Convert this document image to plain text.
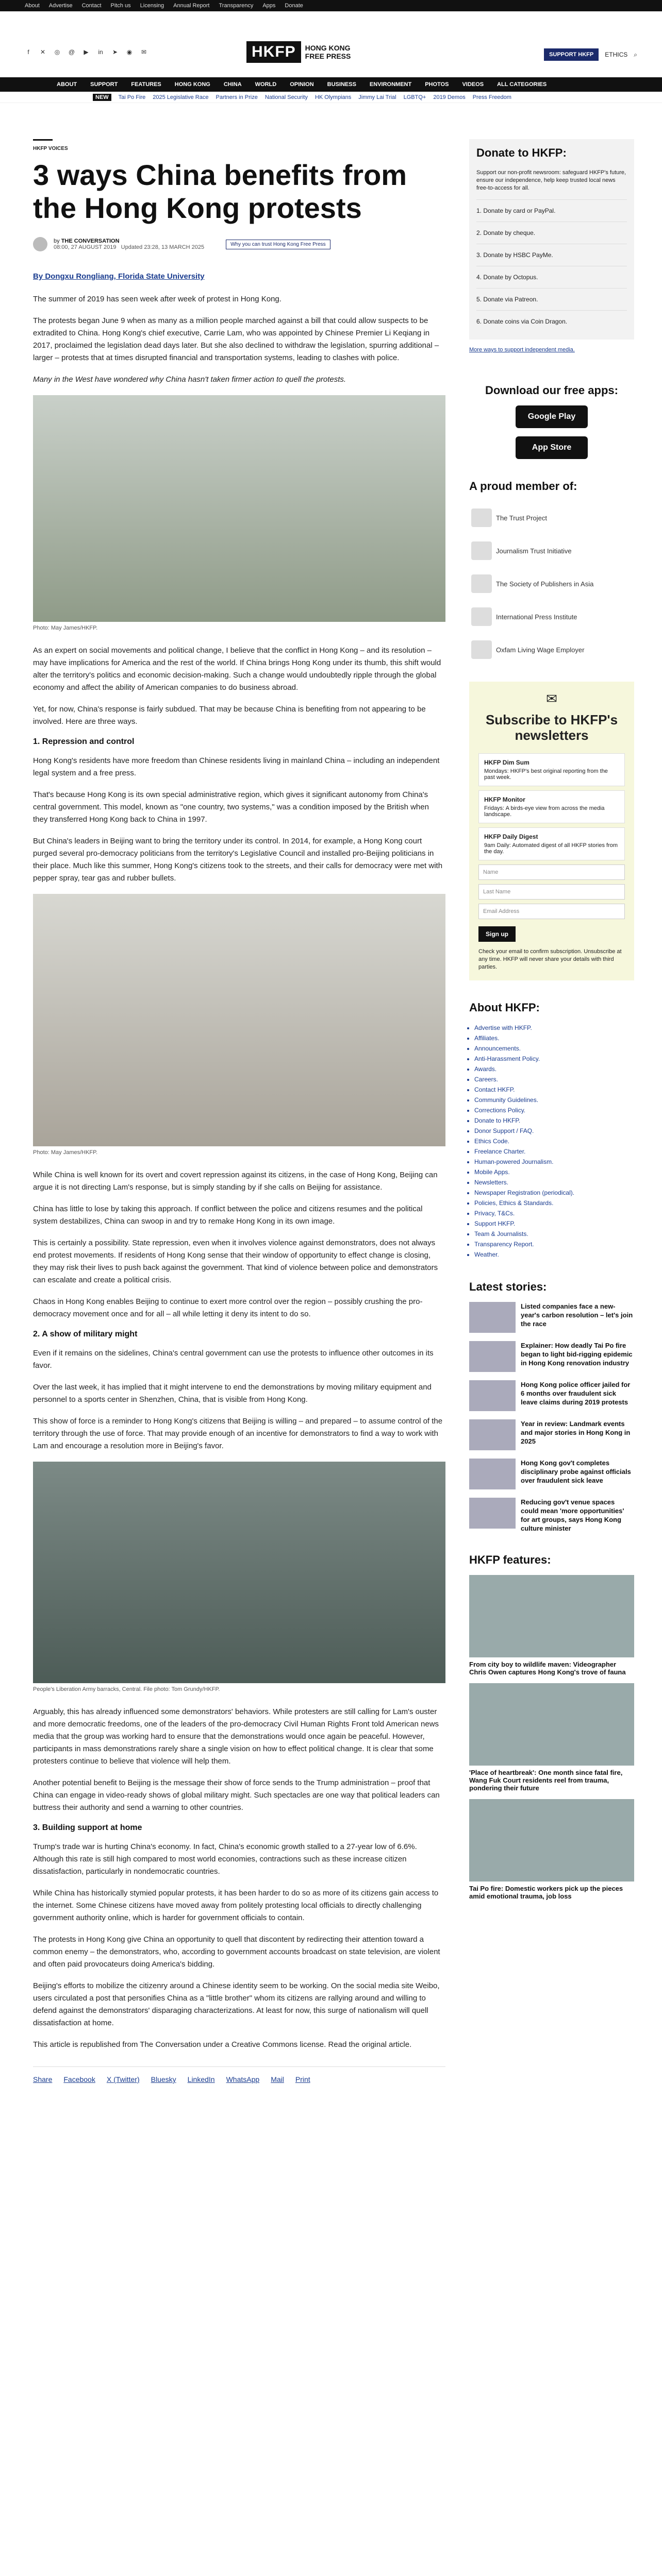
About Advertise Contact Pitch us Licensing Annual Report Transparency Apps Donate
f	✕ ◎ @ ▶ in ➤ ◉ ✉	HKFP	HONG KONG
FREE PRESS	SUPPORT HKFP	ETHICS ⌕
ABOUT SUPPORT FEATURES HONG KONG CHINA WORLD OPINION BUSINESS ENVIRONMENT PHOTOS VIDEOS ALL CATEGORIES
NEW	Tai Po Fire 2025 Legislative Race Partners in Prize National Security HK Olympians Jimmy Lai Trial LGBTQ+ 2019 Demos Press Freedom
HKFP VOICES
3 ways China benefits from the Hong Kong protests
by THE CONVERSATION
08:00, 27 AUGUST 2019 Updated 23:28, 13 MARCH 2025	Why you can trust Hong Kong Free Press
By Dongxu Rongliang, Florida State University

The summer of 2019 has seen week after week of protest in Hong Kong.

The protests began June 9 when as many as a million people marched against a bill that could allow suspects to be extradited to China. Hong Kong's chief executive, Carrie Lam, who was appointed by Chinese Premier Li Keqiang in 2017, proclaimed the legislation dead days later. But she also declined to withdraw the legislation, spurring additional – larger – protests that at times disrupted financial and transportation systems, leading to clashes with police.

Many in the West have wondered why China hasn't taken firmer action to quell the protests.

Photo: May James/HKFP.

As an expert on social movements and political change, I believe that the conflict in Hong Kong – and its resolution – may have implications for America and the rest of the world. If China brings Hong Kong under its thumb, this shift would alter the territory's politics and economic decision-making. Such a change would undoubtedly ripple through the global economy and affect the ability of American companies to do business abroad.

Yet, for now, China's response is fairly subdued. That may be because China is benefiting from not appearing to be involved. Here are three ways.

1. Repression and control

Hong Kong's residents have more freedom than Chinese residents living in mainland China – including an independent legal system and a free press.

That's because Hong Kong is its own special administrative region, which gives it significant autonomy from China's central government. This model, known as "one country, two systems," was a condition imposed by the British when they transferred Hong Kong back to China in 1997.

But China's leaders in Beijing want to bring the territory under its control. In 2014, for example, a Hong Kong court purged several pro-democracy politicians from the territory's Legislative Council and installed pro-Beijing politicians in their place. Much like this summer, Hong Kong's citizens took to the streets, and their calls for democracy were met with pepper spray, tear gas and rubber bullets.

Photo: May James/HKFP.

While China is well known for its overt and covert repression against its citizens, in the case of Hong Kong, Beijing can argue it is not directing Lam's response, but is simply standing by if she calls on Beijing for assistance.

China has little to lose by taking this approach. If conflict between the police and citizens resumes and the political system destabilizes, China can swoop in and try to remake Hong Kong in its own image.

This is certainly a possibility. State repression, even when it involves violence against demonstrators, does not always end protest movements. If residents of Hong Kong sense that their window of opportunity to effect change is closing, they may risk their lives to push back against the government. That kind of violence between police and demonstrators can escalate and create a political crisis.

Chaos in Hong Kong enables Beijing to continue to exert more control over the region – possibly crushing the pro-democracy movement once and for all – all while letting it deny its intent to do so.

2. A show of military might

Even if it remains on the sidelines, China's central government can use the protests to influence other outcomes in its favor.

Over the last week, it has implied that it might intervene to end the demonstrations by moving military equipment and personnel to a sports center in Shenzhen, China, that is visible from Hong Kong.

This show of force is a reminder to Hong Kong's citizens that Beijing is willing – and prepared – to assume control of the territory through the use of force. That may provide enough of an incentive for demonstrators to find a way to work with Lam and encourage a resolution more in Beijing's favor.

People's Liberation Army barracks, Central. File photo: Tom Grundy/HKFP.

Arguably, this has already influenced some demonstrators' behaviors. While protesters are still calling for Lam's ouster and more democratic freedoms, one of the leaders of the pro-democracy Civil Human Rights Front told American news media that the group was working hard to ensure that the demonstrations would once again be peaceful. However, participants in mass demonstrations rarely share a single vision on how to effect political change. It is clear that some protesters continue to believe that violence will help them.

Another potential benefit to Beijing is the message their show of force sends to the Trump administration – proof that China can engage in video-ready shows of global military might. Such spectacles are one way that political leaders can buttress their authority and send a warning to other countries.

3. Building support at home

Trump's trade war is hurting China's economy. In fact, China's economic growth stalled to a 27-year low of 6.6%. Although this rate is still high compared to most world economies, contractions such as these increase citizen dissatisfaction, particularly in nondemocratic countries.

While China has historically stymied popular protests, it has been harder to do so as more of its citizens gain access to the internet. Some Chinese citizens have moved away from politely protesting local officials to directly challenging government authority online, which is harder for government officials to contain.

The protests in Hong Kong give China an opportunity to quell that discontent by redirecting their attention toward a common enemy – the demonstrators, who, according to government accounts broadcast on state television, are violent and often paid provocateurs doing America's bidding.

Beijing's efforts to mobilize the citizenry around a Chinese identity seem to be working. On the social media site Weibo, users circulated a post that personifies China as a "little brother" whom its citizens are rallying around and willing to defend against the demonstrators' disparaging characterizations. At least for now, this surge of nationalism will quell dissatisfaction at home.

This article is republished from The Conversation under a Creative Commons license. Read the original article.

Share Facebook X (Twitter) Bluesky LinkedIn WhatsApp Mail Print
Donate to HKFP:
Support our non-profit newsroom: safeguard HKFP's future, ensure our independence, help keep trusted local news free-to-access for all.
1. Donate by card or PayPal.
2. Donate by cheque.
3. Donate by HSBC PayMe.
4. Donate by Octopus.
5. Donate via Patreon.
6. Donate coins via Coin Dragon.
More ways to support independent media.
Download our free apps:
Google Play
App Store
A proud member of:
The Trust Project
Journalism Trust Initiative
The Society of Publishers in Asia
International Press Institute
Oxfam Living Wage Employer
✉
Subscribe to HKFP's newsletters
HKFP Dim Sum
Mondays: HKFP's best original reporting from the past week.
HKFP Monitor
Fridays: A birds-eye view from across the media landscape.
HKFP Daily Digest
9am Daily: Automated digest of all HKFP stories from the day.
Name
Last Name
Email Address
Sign up
Check your email to confirm subscription. Unsubscribe at any time. HKFP will never share your details with third parties.
About HKFP:
• Advertise with HKFP.
• Affiliates.
• Announcements.
• Anti-Harassment Policy.
• Awards.
• Careers.
• Contact HKFP.
• Community Guidelines.
• Corrections Policy.
• Donate to HKFP.
• Donor Support / FAQ.
• Ethics Code.
• Freelance Charter.
• Human-powered Journalism.
• Mobile Apps.
• Newsletters.
• Newspaper Registration (periodical).
• Policies, Ethics & Standards.
• Privacy, T&Cs.
• Support HKFP.
• Team & Journalists.
• Transparency Report.
• Weather.
Latest stories:
Listed companies face a new-year's carbon resolution – let's join the race
Explainer: How deadly Tai Po fire began to light bid-rigging epidemic in Hong Kong renovation industry
Hong Kong police officer jailed for 6 months over fraudulent sick leave claims during 2019 protests
Year in review: Landmark events and major stories in Hong Kong in 2025
Hong Kong gov't completes disciplinary probe against officials over fraudulent sick leave
Reducing gov't venue spaces could mean 'more opportunities' for art groups, says Hong Kong culture minister
HKFP features:
From city boy to wildlife maven: Videographer Chris Owen captures Hong Kong's trove of fauna
'Place of heartbreak': One month since fatal fire, Wang Fuk Court residents reel from trauma, pondering their future
Tai Po fire: Domestic workers pick up the pieces amid emotional trauma, job loss
